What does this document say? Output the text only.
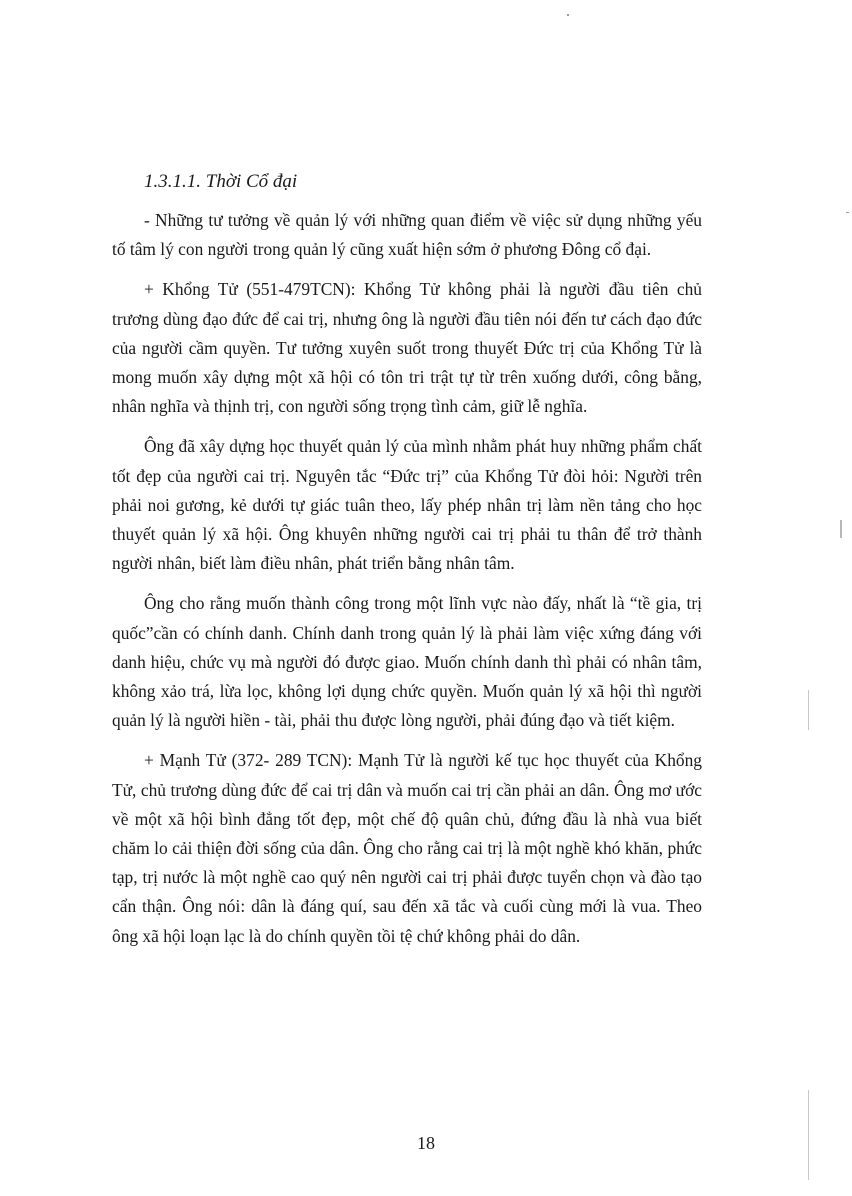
1.3.1.1. Thời Cổ đại

- Những tư tưởng về quản lý với những quan điểm về việc sử dụng những yếu tố tâm lý con người trong quản lý cũng xuất hiện sớm ở phương Đông cổ đại.

+ Khổng Tử (551-479TCN): Khổng Tử không phải là người đầu tiên chủ trương dùng đạo đức để cai trị, nhưng ông là người đầu tiên nói đến tư cách đạo đức của người cầm quyền. Tư tưởng xuyên suốt trong thuyết Đức trị của Khổng Tử là mong muốn xây dựng một xã hội có tôn tri trật tự từ trên xuống dưới, công bằng, nhân nghĩa và thịnh trị, con người sống trọng tình cảm, giữ lễ nghĩa.

Ông đã xây dựng học thuyết quản lý của mình nhằm phát huy những phẩm chất tốt đẹp của người cai trị. Nguyên tắc “Đức trị” của Khổng Tử đòi hỏi: Người trên phải noi gương, kẻ dưới tự giác tuân theo, lấy phép nhân trị làm nền tảng cho học thuyết quản lý xã hội. Ông khuyên những người cai trị phải tu thân để trở thành người nhân, biết làm điều nhân, phát triển bằng nhân tâm.

Ông cho rằng muốn thành công trong một lĩnh vực nào đấy, nhất là “tề gia, trị quốc”cần có chính danh. Chính danh trong quản lý là phải làm việc xứng đáng với danh hiệu, chức vụ mà người đó được giao. Muốn chính danh thì phải có nhân tâm, không xảo trá, lừa lọc, không lợi dụng chức quyền. Muốn quản lý xã hội thì người quản lý là người hiền - tài, phải thu được lòng người, phải đúng đạo và tiết kiệm.

+ Mạnh Tử (372- 289 TCN): Mạnh Tử là người kế tục học thuyết của Khổng Tử, chủ trương dùng đức để cai trị dân và muốn cai trị cần phải an dân. Ông mơ ước về một xã hội bình đẳng tốt đẹp, một chế độ quân chủ, đứng đầu là nhà vua biết chăm lo cải thiện đời sống của dân. Ông cho rằng cai trị là một nghề khó khăn, phức tạp, trị nước là một nghề cao quý nên người cai trị phải được tuyển chọn và đào tạo cẩn thận. Ông nói: dân là đáng quí, sau đến xã tắc và cuối cùng mới là vua. Theo ông xã hội loạn lạc là do chính quyền tồi tệ chứ không phải do dân.

18
